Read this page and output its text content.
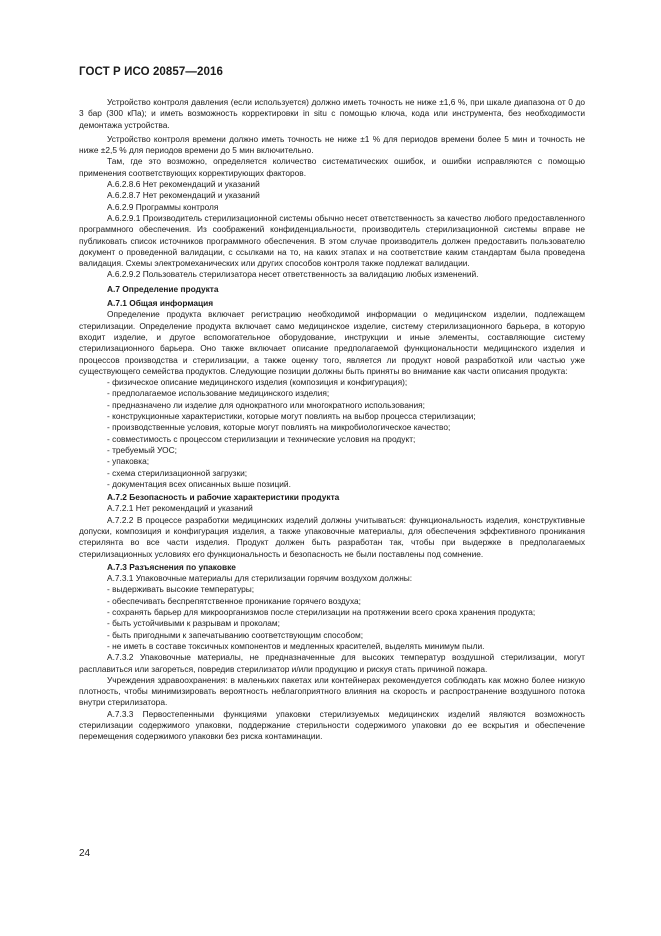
ГОСТ Р ИСО 20857—2016

Устройство контроля давления (если используется) должно иметь точность не ниже ±1,6 %, при шкале диапазона от 0 до 3 бар (300 кПа); и иметь возможность корректировки in situ с помощью ключа, кода или инструмента, без необходимости демонтажа устройства.

Устройство контроля времени должно иметь точность не ниже ±1 % для периодов времени более 5 мин и точность не ниже ±2,5 % для периодов времени до 5 мин включительно.

Там, где это возможно, определяется количество систематических ошибок, и ошибки исправляются с помощью применения соответствующих корректирующих факторов.

А.6.2.8.6 Нет рекомендаций и указаний

А.6.2.8.7 Нет рекомендаций и указаний

А.6.2.9 Программы контроля

А.6.2.9.1 Производитель стерилизационной системы обычно несет ответственность за качество любого предоставленного программного обеспечения. Из соображений конфиденциальности, производитель стерилизационной системы вправе не публиковать список источников программного обеспечения. В этом случае производитель должен предоставить пользователю документ о проведенной валидации, с ссылками на то, на каких этапах и на соответствие каким стандартам была проведена валидация. Схемы электромеханических или других способов контроля также подлежат валидации.

А.6.2.9.2 Пользователь стерилизатора несет ответственность за валидацию любых изменений.

А.7 Определение продукта

А.7.1 Общая информация

Определение продукта включает регистрацию необходимой информации о медицинском изделии, подлежащем стерилизации. Определение продукта включает само медицинское изделие, систему стерилизационного барьера, в которую входит изделие, и другое вспомогательное оборудование, инструкции и иные элементы, составляющие систему стерилизационного барьера. Оно также включает описание предполагаемой функциональности медицинского изделия и процессов производства и стерилизации, а также оценку того, является ли продукт новой разработкой или частью уже существующего семейства продуктов. Следующие позиции должны быть приняты во внимание как части описания продукта:

- физическое описание медицинского изделия (композиция и конфигурация);
- предполагаемое использование медицинского изделия;
- предназначено ли изделие для однократного или многократного использования;
- конструкционные характеристики, которые могут повлиять на выбор процесса стерилизации;
- производственные условия, которые могут повлиять на микробиологическое качество;
- совместимость с процессом стерилизации и технические условия на продукт;
- требуемый УОС;
- упаковка;
- схема стерилизационной загрузки;
- документация всех описанных выше позиций.

А.7.2 Безопасность и рабочие характеристики продукта

А.7.2.1 Нет рекомендаций и указаний

А.7.2.2 В процессе разработки медицинских изделий должны учитываться: функциональность изделия, конструктивные допуски, композиция и конфигурация изделия, а также упаковочные материалы, для обеспечения эффективного проникания стерилянта во все части изделия. Продукт должен быть разработан так, чтобы при выдержке в предполагаемых стерилизационных условиях его функциональность и безопасность не были поставлены под сомнение.

А.7.3 Разъяснения по упаковке

А.7.3.1 Упаковочные материалы для стерилизации горячим воздухом должны:

- выдерживать высокие температуры;
- обеспечивать беспрепятственное проникание горячего воздуха;
- сохранять барьер для микроорганизмов после стерилизации на протяжении всего срока хранения продукта;
- быть устойчивыми к разрывам и проколам;
- быть пригодными к запечатыванию соответствующим способом;
- не иметь в составе токсичных компонентов и медленных красителей, выделять минимум пыли.

А.7.3.2 Упаковочные материалы, не предназначенные для высоких температур воздушной стерилизации, могут расплавиться или загореться, повредив стерилизатор и/или продукцию и рискуя стать причиной пожара.

Учреждения здравоохранения: в маленьких пакетах или контейнерах рекомендуется соблюдать как можно более низкую плотность, чтобы минимизировать вероятность неблагоприятного влияния на скорость и распространение воздушного потока внутри стерилизатора.

А.7.3.3 Первостепенными функциями упаковки стерилизуемых медицинских изделий являются возможность стерилизации содержимого упаковки, поддержание стерильности содержимого упаковки до ее вскрытия и обеспечение перемещения содержимого упаковки без риска контаминации.

24
